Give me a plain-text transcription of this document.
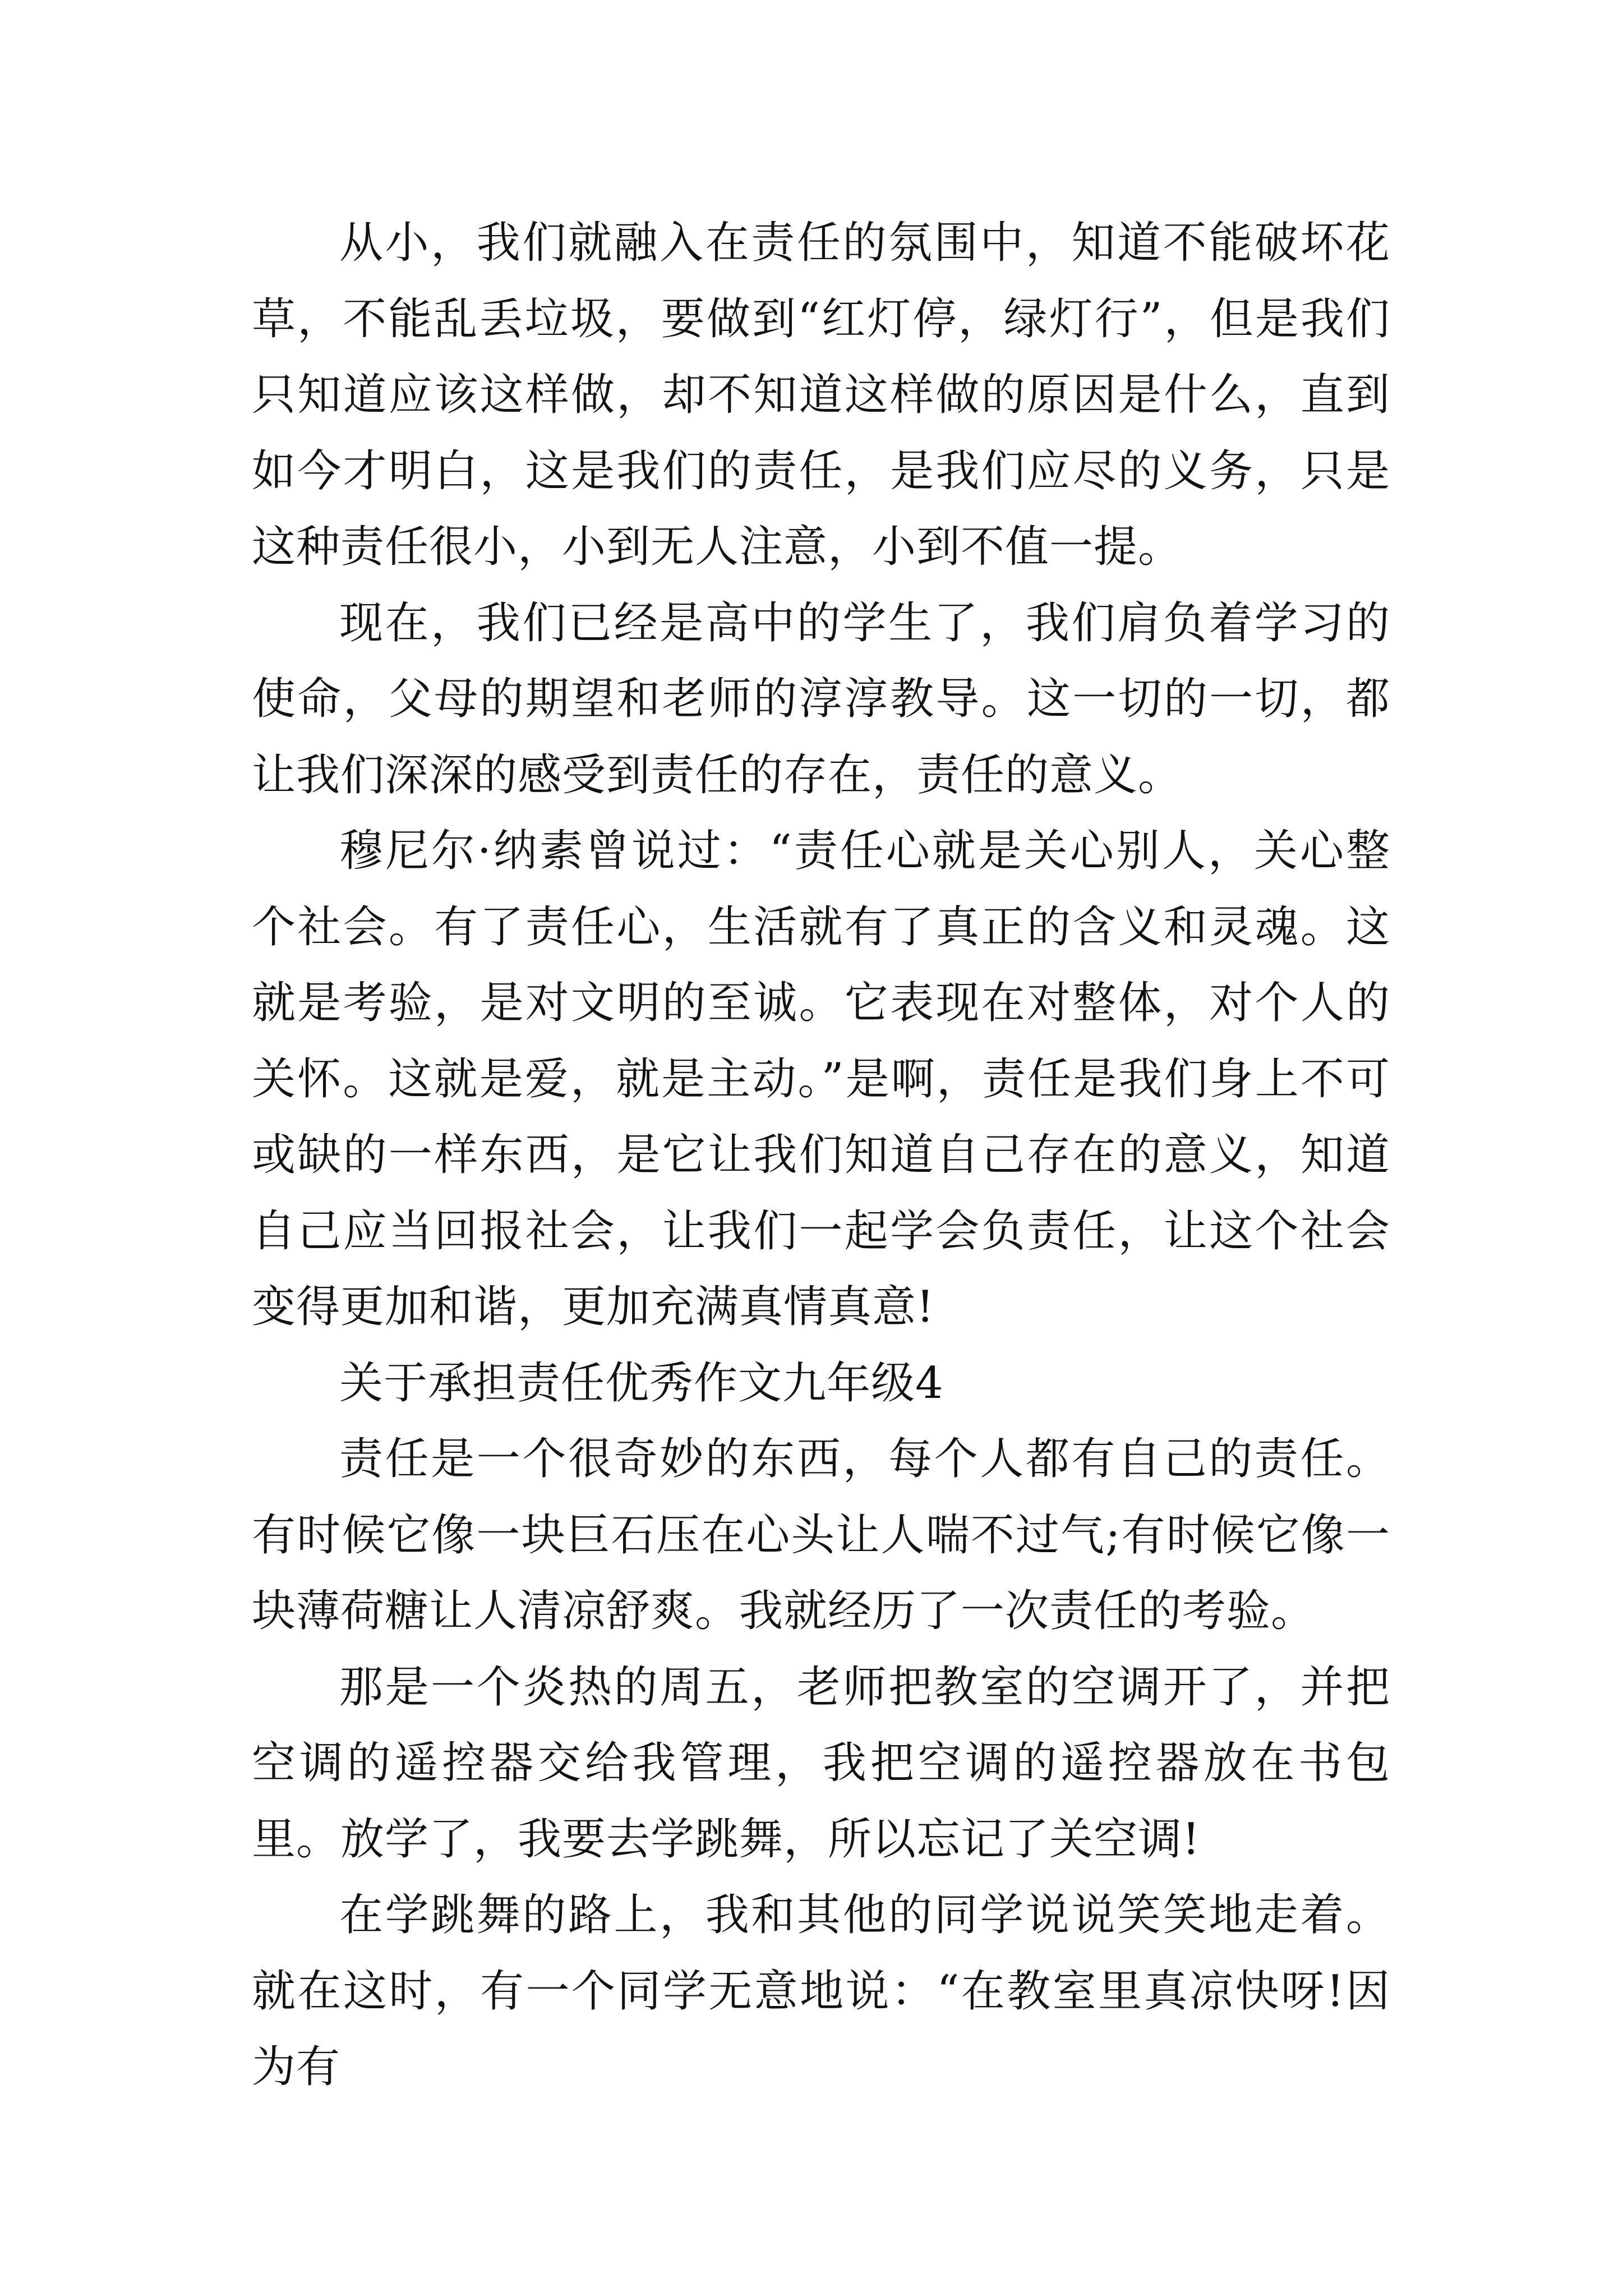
从小，我们就融入在责任的氛围中，知道不能破坏花草，不能乱丢垃圾，要做到“红灯停，绿灯行”，但是我们只知道应该这样做，却不知道这样做的原因是什么，直到如今才明白，这是我们的责任，是我们应尽的义务，只是这种责任很小，小到无人注意，小到不值一提。

现在，我们已经是高中的学生了，我们肩负着学习的使命，父母的期望和老师的淳淳教导。这一切的一切，都让我们深深的感受到责任的存在，责任的意义。

穆尼尔·纳素曾说过：“责任心就是关心别人，关心整个社会。有了责任心，生活就有了真正的含义和灵魂。这就是考验，是对文明的至诚。它表现在对整体，对个人的关怀。这就是爱，就是主动。”是啊，责任是我们身上不可或缺的一样东西，是它让我们知道自己存在的意义，知道自己应当回报社会，让我们一起学会负责任，让这个社会变得更加和谐，更加充满真情真意!

关于承担责任优秀作文九年级4

责任是一个很奇妙的东西，每个人都有自己的责任。有时候它像一块巨石压在心头让人喘不过气;有时候它像一块薄荷糖让人清凉舒爽。我就经历了一次责任的考验。

那是一个炎热的周五，老师把教室的空调开了，并把空调的遥控器交给我管理，我把空调的遥控器放在书包里。放学了，我要去学跳舞，所以忘记了关空调!

在学跳舞的路上，我和其他的同学说说笑笑地走着。就在这时，有一个同学无意地说：“在教室里真凉快呀!因为有
